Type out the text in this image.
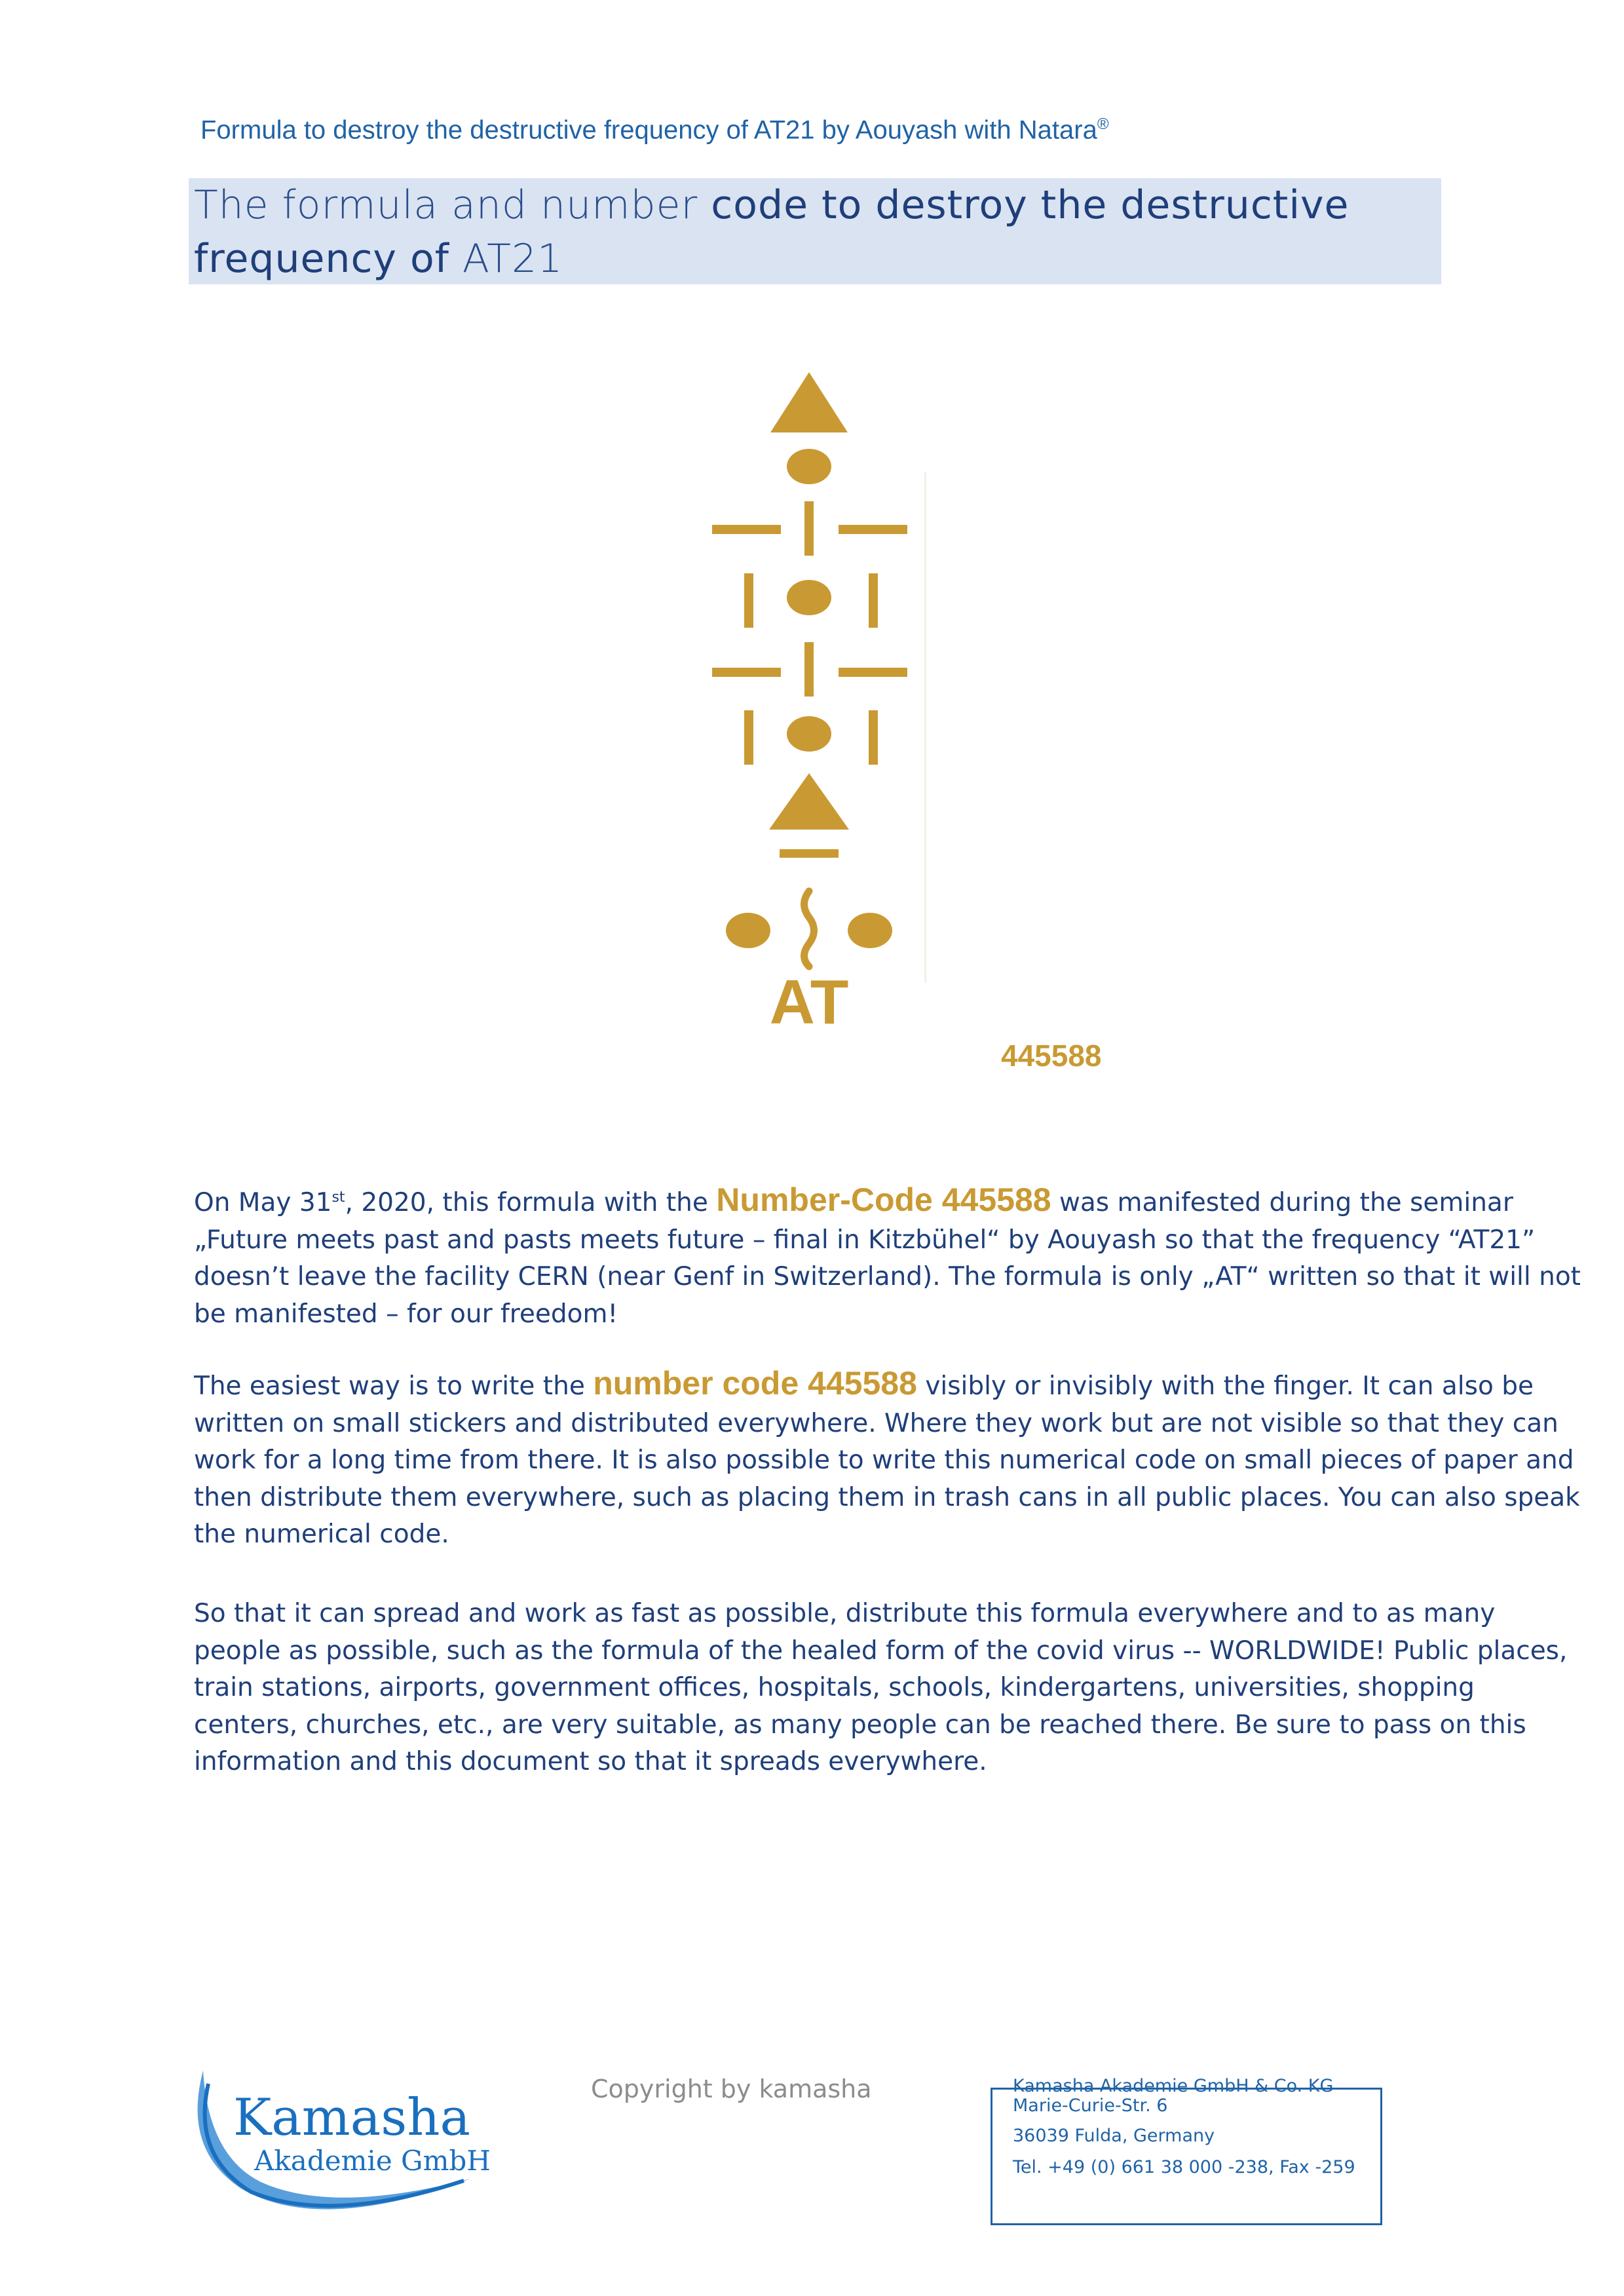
Formula to destroy the destructive frequency of AT21 by Aouyash with Natara®
The formula and number code to destroy the destructive frequency of AT21
AT
445588
On May 31st, 2020, this formula with the Number-Code 445588 was manifested during the seminar „Future meets past and pasts meets future – final in Kitzbühel“ by Aouyash so that the frequency “AT21” doesn’t leave the facility CERN (near Genf in Switzerland). The formula is only „AT“ written so that it will not be manifested – for our freedom!
The easiest way is to write the number code 445588 visibly or invisibly with the finger. It can also be written on small stickers and distributed everywhere. Where they work but are not visible so that they can work for a long time from there. It is also possible to write this numerical code on small pieces of paper and then distribute them everywhere, such as placing them in trash cans in all public places. You can also speak the numerical code.
So that it can spread and work as fast as possible, distribute this formula everywhere and to as many people as possible, such as the formula of the healed form of the covid virus -- WORLDWIDE! Public places, train stations, airports, government offices, hospitals, schools, kindergartens, universities, shopping centers, churches, etc., are very suitable, as many people can be reached there. Be sure to pass on this information and this document so that it spreads everywhere.
Kamasha
Akademie GmbH
Copyright by kamasha	Kamasha Akademie GmbH & Co. KG
Marie-Curie-Str. 6
36039 Fulda, Germany
Tel. +49 (0) 661 38 000 -238, Fax -259
